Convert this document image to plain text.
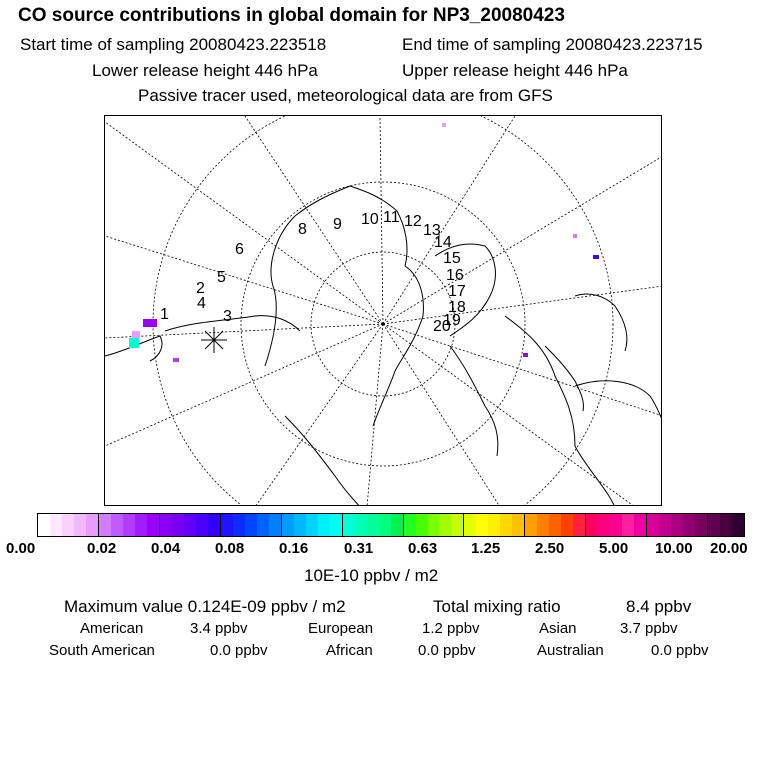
CO source contributions in global domain for NP3_20080423
Start time of sampling 20080423.223518	End time of sampling 20080423.223715
Lower release height 446 hPa	Upper release height 446 hPa
Passive tracer used, meteorological data are from GFS
1
2
3
4
5
6
8 9 10 11 12
13
14
15
16
17
18
19
20
0.00	0.02 0.04 0.08 0.16 0.31 0.63 1.25 2.50 5.00 10.00 20.00
10E-10 ppbv / m2
Maximum value 0.124E-09 ppbv / m2	Total mixing ratio	8.4 ppbv
American	3.4 ppbv	European	1.2 ppbv	Asian	3.7 ppbv
South American	0.0 ppbv	African	0.0 ppbv	Australian	0.0 ppbv
